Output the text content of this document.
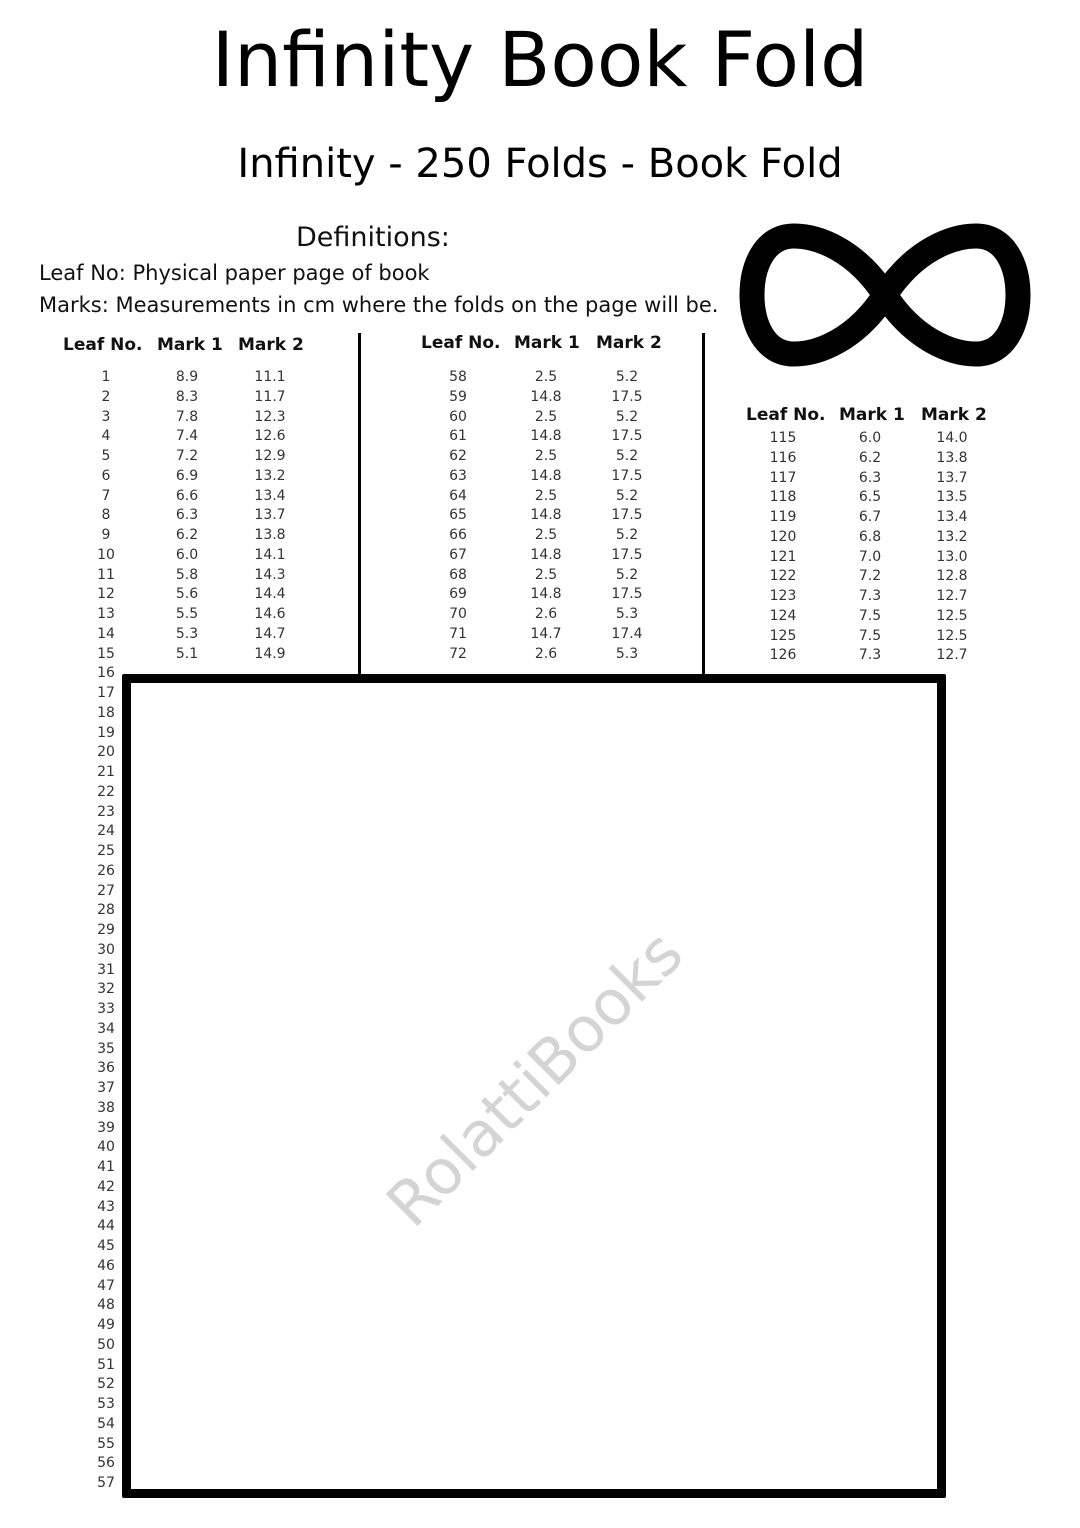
Infinity Book Fold
Infinity - 250 Folds - Book Fold
Definitions:
Leaf No: Physical paper page of book
Marks: Measurements in cm where the folds on the page will be.
Leaf No. Mark 1 Mark 2	Leaf No. Mark 1 Mark 2
Leaf No. Mark 1 Mark 2
1
2
3
4
5
6
7
8
9
10
11
12
13
14
15
16
17
18
19
20
21
22
23
24
25
26
27
28
29
30
31
32
33
34
35
36
37
38
39
40
41
42
43
44
45
46
47
48
49
50
51
52
53
54
55
56
57
8.9
8.3
7.8
7.4
7.2
6.9
6.6
6.3
6.2
6.0
5.8
5.6
5.5
5.3
5.1
11.1
11.7
12.3
12.6
12.9
13.2
13.4
13.7
13.8
14.1
14.3
14.4
14.6
14.7
14.9
58
59
60
61
62
63
64
65
66
67
68
69
70
71
72
2.5
14.8
2.5
14.8
2.5
14.8
2.5
14.8
2.5
14.8
2.5
14.8
2.6
14.7
2.6
5.2
17.5
5.2
17.5
5.2
17.5
5.2
17.5
5.2
17.5
5.2
17.5
5.3
17.4
5.3
115
116
117
118
119
120
121
122
123
124
125
126
6.0
6.2
6.3
6.5
6.7
6.8
7.0
7.2
7.3
7.5
7.5
7.3
14.0
13.8
13.7
13.5
13.4
13.2
13.0
12.8
12.7
12.5
12.5
12.7
RolattiBooks
